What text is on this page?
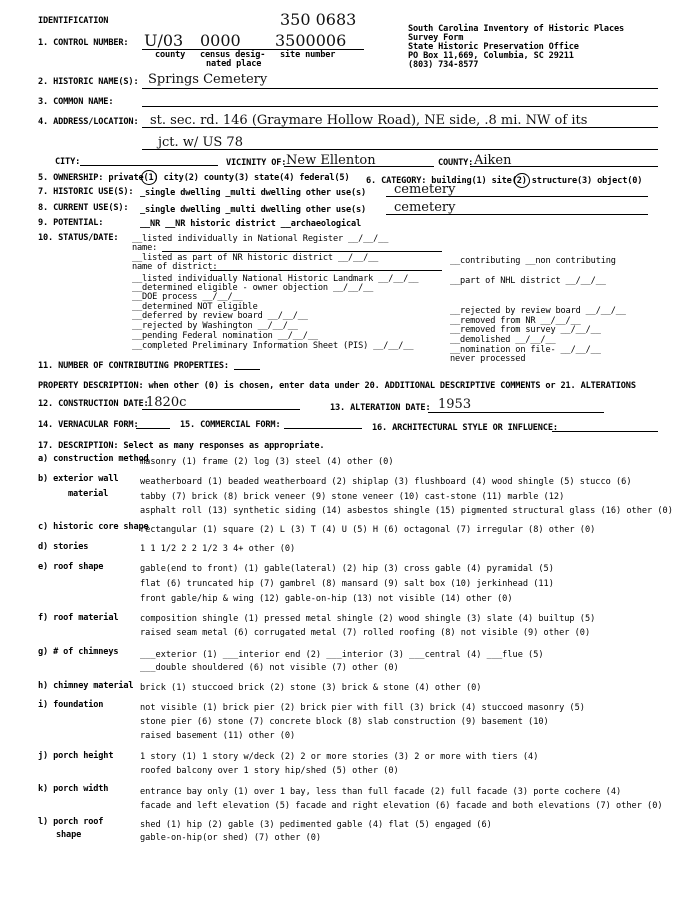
IDENTIFICATION
South Carolina Inventory of Historic Places
Survey Form
State Historic Preservation Office
PO Box 11,669, Columbia, SC 29211
(803) 734-8577
1. CONTROL NUMBER: U/03 0000 3500006
350 0683
county census desig-
nated place
site number
2. HISTORIC NAME(S): Springs Cemetery
3. COMMON NAME:
4. ADDRESS/LOCATION: st. sec. rd. 146 (Graymare Hollow Road), NE side, .8 mi. NW of its
jct. w/ US 78
CITY:	VICINITY OF: New Ellenton	COUNTY: Aiken
5. OWNERSHIP: private(1) city(2) county(3) state(4) federal(5) 6. CATEGORY: building(1) site(2) structure(3) object(0)
7. HISTORIC USE(S): _single dwelling _multi dwelling other use(s) cemetery
8. CURRENT USE(S): _single dwelling _multi dwelling other use(s) cemetery
9. POTENTIAL:	__NR __NR historic district __archaeological
10. STATUS/DATE: __listed individually in National Register __/__/__
name:
__listed as part of NR historic district __/__/__
name of district:
__listed individually National Historic Landmark __/__/__
__determined eligible - owner objection __/__/__
__DOE process __/__/__
__determined NOT eligible
__deferred by review board __/__/__
__rejected by Washington __/__/__
__pending Federal nomination __/__/__
__completed Preliminary Information Sheet (PIS) __/__/__
__contributing __non contributing
__part of NHL district __/__/__
__rejected by review board __/__/__
__removed from NR __/__/__
__removed from survey __/__/__
__demolished __/__/__
__nomination on file- __/__/__
never processed
11. NUMBER OF CONTRIBUTING PROPERTIES:
PROPERTY DESCRIPTION: when other (0) is chosen, enter data under 20. ADDITIONAL DESCRIPTIVE COMMENTS or 21. ALTERATIONS
12. CONSTRUCTION DATE:
1820c	13. ALTERATION DATE: 1953
14. VERNACULAR FORM:	15. COMMERCIAL FORM:	16. ARCHITECTURAL STYLE OR INFLUENCE:
17. DESCRIPTION: Select as many responses as appropriate.
a) construction method
masonry (1) frame (2) log (3) steel (4) other (0)
b) exterior wall
material
weatherboard (1) beaded weatherboard (2) shiplap (3) flushboard (4) wood shingle (5) stucco (6)
tabby (7) brick (8) brick veneer (9) stone veneer (10) cast-stone (11) marble (12)
asphalt roll (13) synthetic siding (14) asbestos shingle (15) pigmented structural glass (16) other (0)
c) historic core shape
rectangular (1) square (2) L (3) T (4) U (5) H (6) octagonal (7) irregular (8) other (0)
d) stories	1 1 1/2 2 2 1/2 3 4+ other (0)
e) roof shape	gable(end to front) (1) gable(lateral) (2) hip (3) cross gable (4) pyramidal (5)
flat (6) truncated hip (7) gambrel (8) mansard (9) salt box (10) jerkinhead (11)
front gable/hip & wing (12) gable-on-hip (13) not visible (14) other (0)
f) roof material	composition shingle (1) pressed metal shingle (2) wood shingle (3) slate (4) builtup (5)
raised seam metal (6) corrugated metal (7) rolled roofing (8) not visible (9) other (0)
g) # of chimneys	___exterior (1) ___interior end (2) ___interior (3) ___central (4) ___flue (5)
___double shouldered (6) not visible (7) other (0)
h) chimney material brick (1) stuccoed brick (2) stone (3) brick & stone (4) other (0)
i) foundation	not visible (1) brick pier (2) brick pier with fill (3) brick (4) stuccoed masonry (5)
stone pier (6) stone (7) concrete block (8) slab construction (9) basement (10)
raised basement (11) other (0)
j) porch height	1 story (1) 1 story w/deck (2) 2 or more stories (3) 2 or more with tiers (4)
roofed balcony over 1 story hip/shed (5) other (0)
k) porch width	entrance bay only (1) over 1 bay, less than full facade (2) full facade (3) porte cochere (4)
facade and left elevation (5) facade and right elevation (6) facade and both elevations (7) other (0)
l) porch roof
shape
shed (1) hip (2) gable (3) pedimented gable (4) flat (5) engaged (6)
gable-on-hip(or shed) (7) other (0)
